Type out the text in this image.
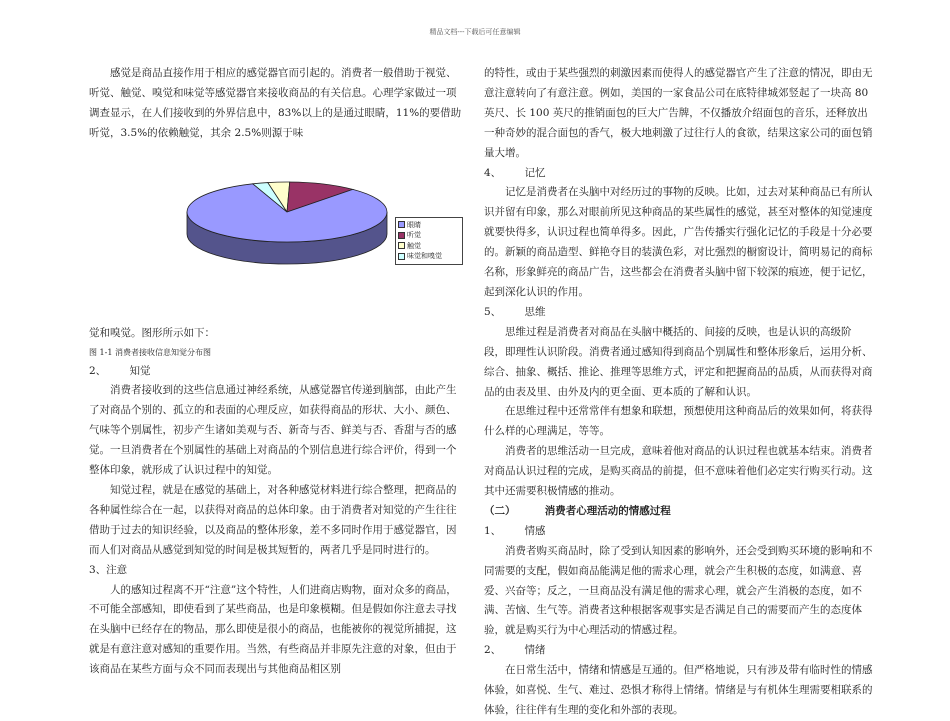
精品文档---下载后可任意编辑

感觉是商品直接作用于相应的感觉器官而引起的。消费者一般借助于视觉、听觉、触觉、嗅觉和味觉等感觉器官来接收商品的有关信息。心理学家做过一项调查显示，在人们接收到的外界信息中，83%以上的是通过眼睛，11%的要借助听觉，3.5%的依赖触觉，其余 2.5%则源于味

眼睛
听觉
触觉
味觉和嗅觉

觉和嗅觉。图形所示如下：

图 1-1 消费者接收信息知觉分布图

2、       知觉

消费者接收到的这些信息通过神经系统，从感觉器官传递到脑部，由此产生了对商品个别的、孤立的和表面的心理反应，如获得商品的形状、大小、颜色、气味等个别属性，初步产生诸如美观与否、新奇与否、鲜美与否、香甜与否的感觉。一旦消费者在个别属性的基础上对商品的个别信息进行综合评价，得到一个整体印象，就形成了认识过程中的知觉。

知觉过程，就是在感觉的基础上，对各种感觉材料进行综合整理，把商品的各种属性综合在一起，以获得对商品的总体印象。由于消费者对知觉的产生往往借助于过去的知识经验，以及商品的整体形象，差不多同时作用于感觉器官，因而人们对商品从感觉到知觉的时间是极其短暂的，两者几乎是同时进行的。

3、注意

人的感知过程离不开“注意”这个特性，人们进商店购物，面对众多的商品，不可能全部感知，即使看到了某些商品，也是印象模糊。但是假如你注意去寻找在头脑中已经存在的物品，那么即使是很小的商品，也能被你的视觉所捕捉，这就是有意注意对感知的重要作用。当然，有些商品并非原先注意的对象，但由于该商品在某些方面与众不同而表现出与其他商品相区别

的特性，或由于某些强烈的刺激因素而使得人的感觉器官产生了注意的情况，即由无意注意转向了有意注意。例如，美国的一家食品公司在底特律城郊竖起了一块高 80 英尺、长 100 英尺的推销面包的巨大广告牌，不仅播放介绍面包的音乐，还释放出一种奇妙的混合面包的香气，极大地刺激了过往行人的食欲，结果这家公司的面包销量大增。

4、       记忆

记忆是消费者在头脑中对经历过的事物的反映。比如，过去对某种商品已有所认识并留有印象，那么对眼前所见这种商品的某些属性的感觉，甚至对整体的知觉速度就要快得多，认识过程也简单得多。因此，广告传播实行强化记忆的手段是十分必要的。新颖的商品造型、鲜艳夺目的装潢色彩，对比强烈的橱窗设计，简明易记的商标名称，形象鲜亮的商品广告，这些都会在消费者头脑中留下较深的痕迹，便于记忆，起到深化认识的作用。

5、       思维

思维过程是消费者对商品在头脑中概括的、间接的反映，也是认识的高级阶

段，即理性认识阶段。消费者通过感知得到商品个别属性和整体形象后，运用分析、综合、抽象、概括、推论、推理等思维方式，评定和把握商品的品质，从而获得对商品的由表及里、由外及内的更全面、更本质的了解和认识。

在思维过程中还常常伴有想象和联想，预想使用这种商品后的效果如何，将获得什么样的心理满足，等等。

消费者的思维活动一旦完成，意味着他对商品的认识过程也就基本结束。消费者对商品认识过程的完成，是购买商品的前提，但不意味着他们必定实行购买行动。这其中还需要积极情感的推动。

（二）        消费者心理活动的情感过程

1、       情感

消费者购买商品时，除了受到认知因素的影响外，还会受到购买环境的影响和不同需要的支配，假如商品能满足他的需求心理，就会产生积极的态度，如满意、喜爱、兴奋等；反之，一旦商品没有满足他的需求心理，就会产生消极的态度，如不满、苦恼、生气等。消费者这种根据客观事实是否满足自己的需要而产生的态度体验，就是购买行为中心理活动的情感过程。

2、       情绪

在日常生活中，情绪和情感是互通的。但严格地说，只有涉及带有临时性的情感体验，如喜悦、生气、难过、恐惧才称得上情绪。情绪是与有机体生理需要相联系的体验，往往伴有生理的变化和外部的表现。
